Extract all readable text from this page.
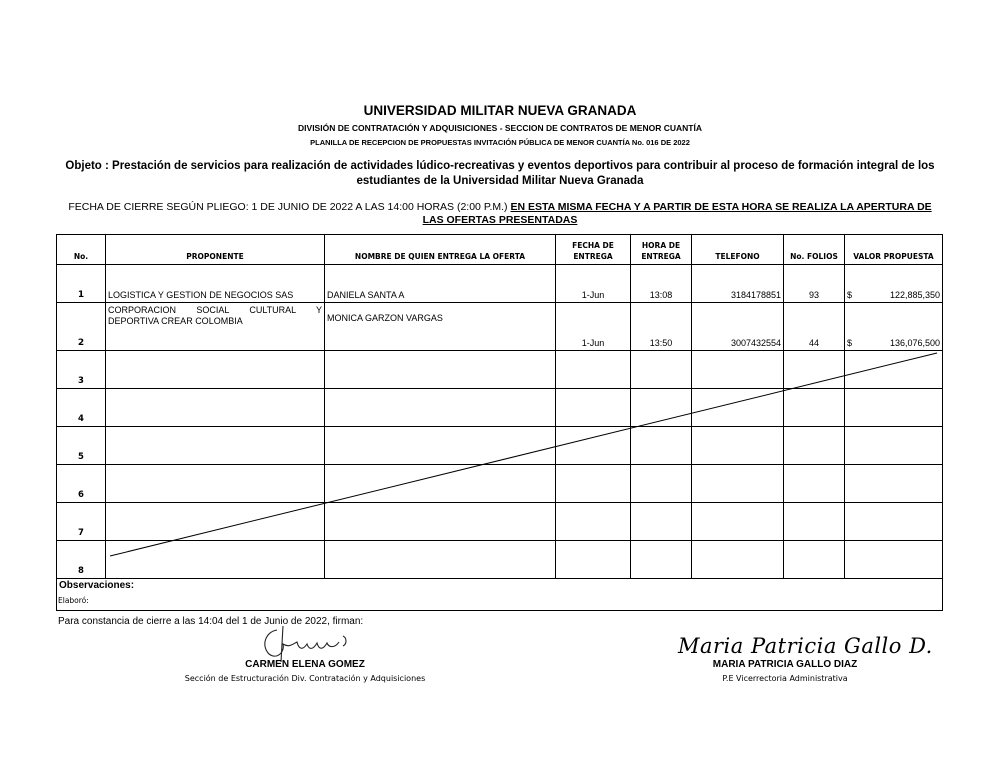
UNIVERSIDAD MILITAR NUEVA GRANADA
DIVISIÓN DE CONTRATACIÓN Y ADQUISICIONES - SECCION DE CONTRATOS DE MENOR CUANTÍA
PLANILLA DE RECEPCION DE PROPUESTAS INVITACIÓN PÚBLICA DE MENOR CUANTÍA No. 016 DE 2022
Objeto : Prestación de servicios para realización de actividades lúdico-recreativas y eventos deportivos para contribuir al proceso de formación integral de los estudiantes de la Universidad Militar Nueva Granada
FECHA DE CIERRE SEGÚN PLIEGO: 1 DE JUNIO DE 2022 A LAS 14:00 HORAS (2:00 P.M.) EN ESTA MISMA FECHA Y A PARTIR DE ESTA HORA SE REALIZA LA APERTURA DE LAS OFERTAS PRESENTADAS
No.	PROPONENTE	NOMBRE DE QUIEN ENTREGA LA OFERTA	FECHA DE ENTREGA	HORA DE ENTREGA	TELEFONO	No. FOLIOS	VALOR PROPUESTA
1	LOGISTICA Y GESTION DE NEGOCIOS SAS	DANIELA SANTA A	1-Jun	13:08	3184178851	93	$ 122,885,350

2	CORPORACION SOCIAL CULTURAL Y DEPORTIVA CREAR COLOMBIA	MONICA GARZON VARGAS	1-Jun	13:50	3007432554	44	$ 136,076,500

3							
4							
5							
6							
7							
8							
Observaciones:							
Elaboró:
Para constancia de cierre a las 14:04 del 1 de Junio de 2022, firman:
CARMEN ELENA GOMEZ
Sección de Estructuración Div. Contratación y Adquisiciones
Maria Patricia Gallo D.
MARIA PATRICIA GALLO DIAZ
P.E Vicerrectoria Administrativa
